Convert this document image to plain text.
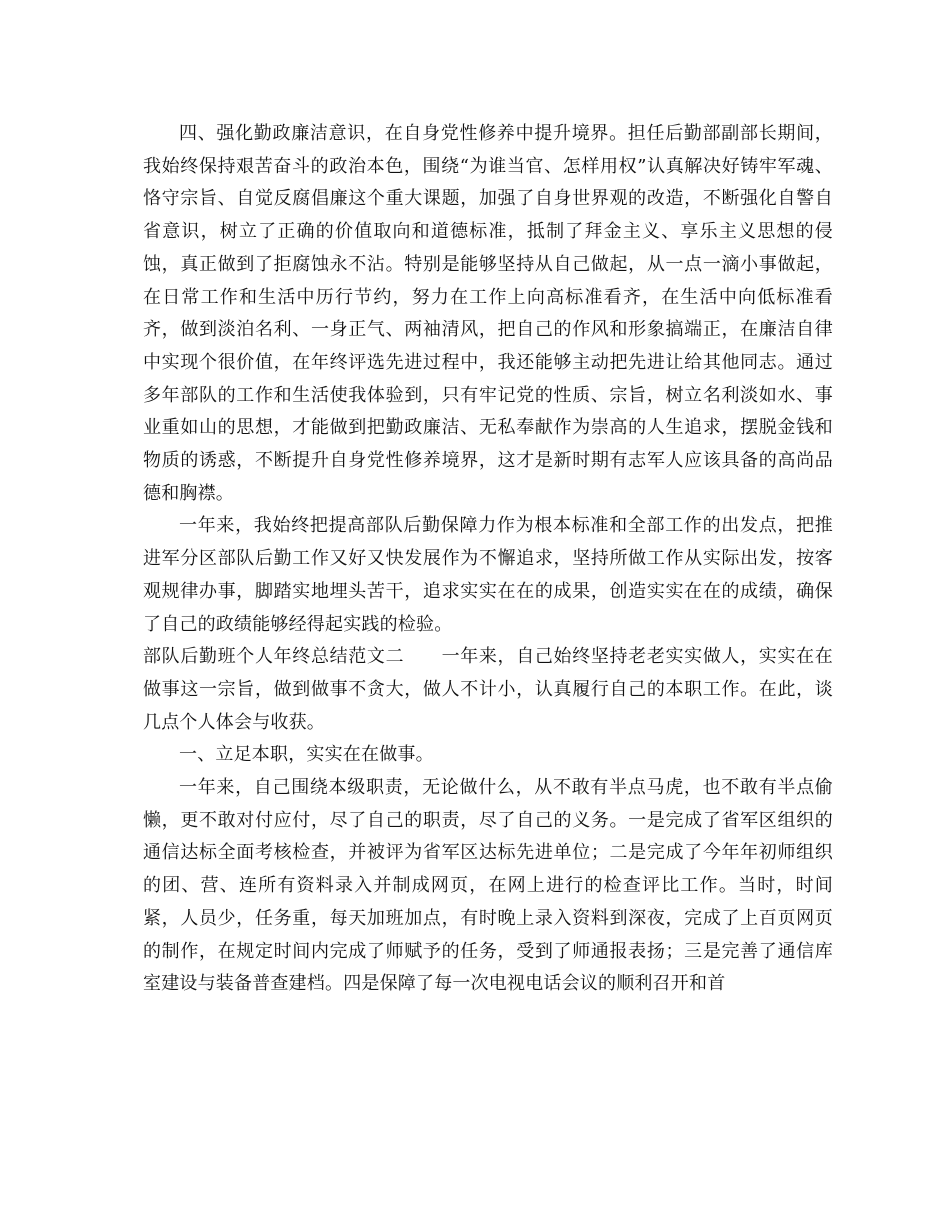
四、强化勤政廉洁意识，在自身党性修养中提升境界。担任后勤部副部长期间，我始终保持艰苦奋斗的政治本色，围绕“为谁当官、怎样用权”认真解决好铸牢军魂、恪守宗旨、自觉反腐倡廉这个重大课题，加强了自身世界观的改造，不断强化自警自省意识，树立了正确的价值取向和道德标准，抵制了拜金主义、享乐主义思想的侵蚀，真正做到了拒腐蚀永不沾。特别是能够坚持从自己做起，从一点一滴小事做起，在日常工作和生活中历行节约，努力在工作上向高标准看齐，在生活中向低标准看齐，做到淡泊名利、一身正气、两袖清风，把自己的作风和形象搞端正，在廉洁自律中实现个很价值，在年终评选先进过程中，我还能够主动把先进让给其他同志。通过多年部队的工作和生活使我体验到，只有牢记党的性质、宗旨，树立名利淡如水、事业重如山的思想，才能做到把勤政廉洁、无私奉献作为崇高的人生追求，摆脱金钱和物质的诱惑，不断提升自身党性修养境界，这才是新时期有志军人应该具备的高尚品德和胸襟。

一年来，我始终把提高部队后勤保障力作为根本标准和全部工作的出发点，把推进军分区部队后勤工作又好又快发展作为不懈追求，坚持所做工作从实际出发，按客观规律办事，脚踏实地埋头苦干，追求实实在在的成果，创造实实在在的成绩，确保了自己的政绩能够经得起实践的检验。

部队后勤班个人年终总结范文二　　 一年来，自己始终坚持老老实实做人，实实在在做事这一宗旨，做到做事不贪大，做人不计小，认真履行自己的本职工作。在此，谈几点个人体会与收获。

一、立足本职，实实在在做事。

一年来，自己围绕本级职责，无论做什么，从不敢有半点马虎，也不敢有半点偷懒，更不敢对付应付，尽了自己的职责，尽了自己的义务。一是完成了省军区组织的通信达标全面考核检查，并被评为省军区达标先进单位；二是完成了今年年初师组织的团、营、连所有资料录入并制成网页，在网上进行的检查评比工作。当时，时间紧，人员少，任务重，每天加班加点，有时晚上录入资料到深夜，完成了上百页网页的制作，在规定时间内完成了师赋予的任务，受到了师通报表扬；三是完善了通信库室建设与装备普查建档。四是保障了每一次电视电话会议的顺利召开和首
